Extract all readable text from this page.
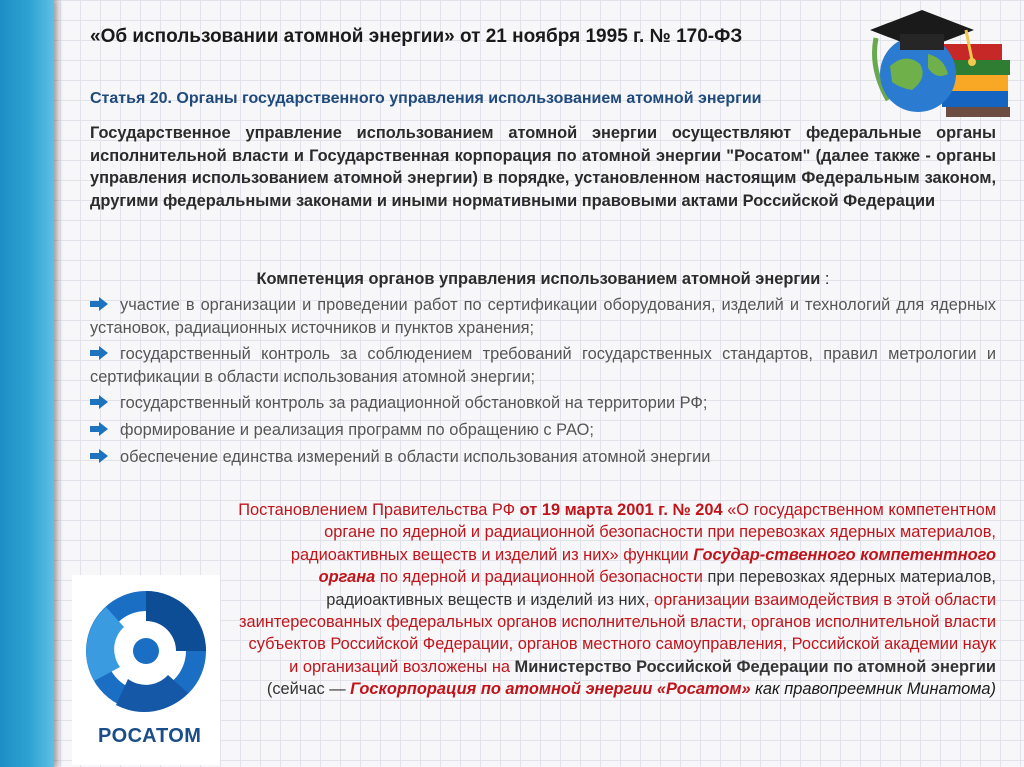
«Об использовании атомной энергии» от 21 ноября 1995 г. № 170-ФЗ
Статья 20. Органы государственного управления использованием атомной энергии

Государственное управление использованием атомной энергии осуществляют федеральные органы исполнительной власти и Государственная корпорация по атомной энергии "Росатом" (далее также - органы управления использованием атомной энергии) в порядке, установленном настоящим Федеральным законом, другими федеральными законами и иными нормативными правовыми актами Российской Федерации

Компетенция органов управления использованием атомной энергии :

участие в организации и проведении работ по сертификации оборудования, изделий и технологий для ядерных установок, радиационных источников и пунктов хранения;
государственный контроль за соблюдением требований государственных стандартов, правил метрологии и сертификации в области использования атомной энергии;
государственный контроль за радиационной обстановкой на территории РФ;
формирование и реализация программ по обращению с РАО;
обеспечение единства измерений в области использования атомной энергии

Постановлением Правительства РФ от 19 марта 2001 г. № 204 «О государственном компетентном органе по ядерной и радиационной безопасности при перевозках ядерных материалов, радиоактивных веществ и изделий из них» функции Государ-ственного компетентного органа по ядерной и радиационной безопасности при перевозках ядерных материалов, радиоактивных веществ и изделий из них, организации взаимодействия в этой области заинтересованных федеральных органов исполнительной власти, органов исполнительной власти субъектов Российской Федерации, органов местного самоуправления, Российской академии наук и организаций возложены на Министерство Российской Федерации по атомной энергии (сейчас — Госкорпорация по атомной энергии «Росатом» как правопреемник Минатома)

РОСАТОМ
